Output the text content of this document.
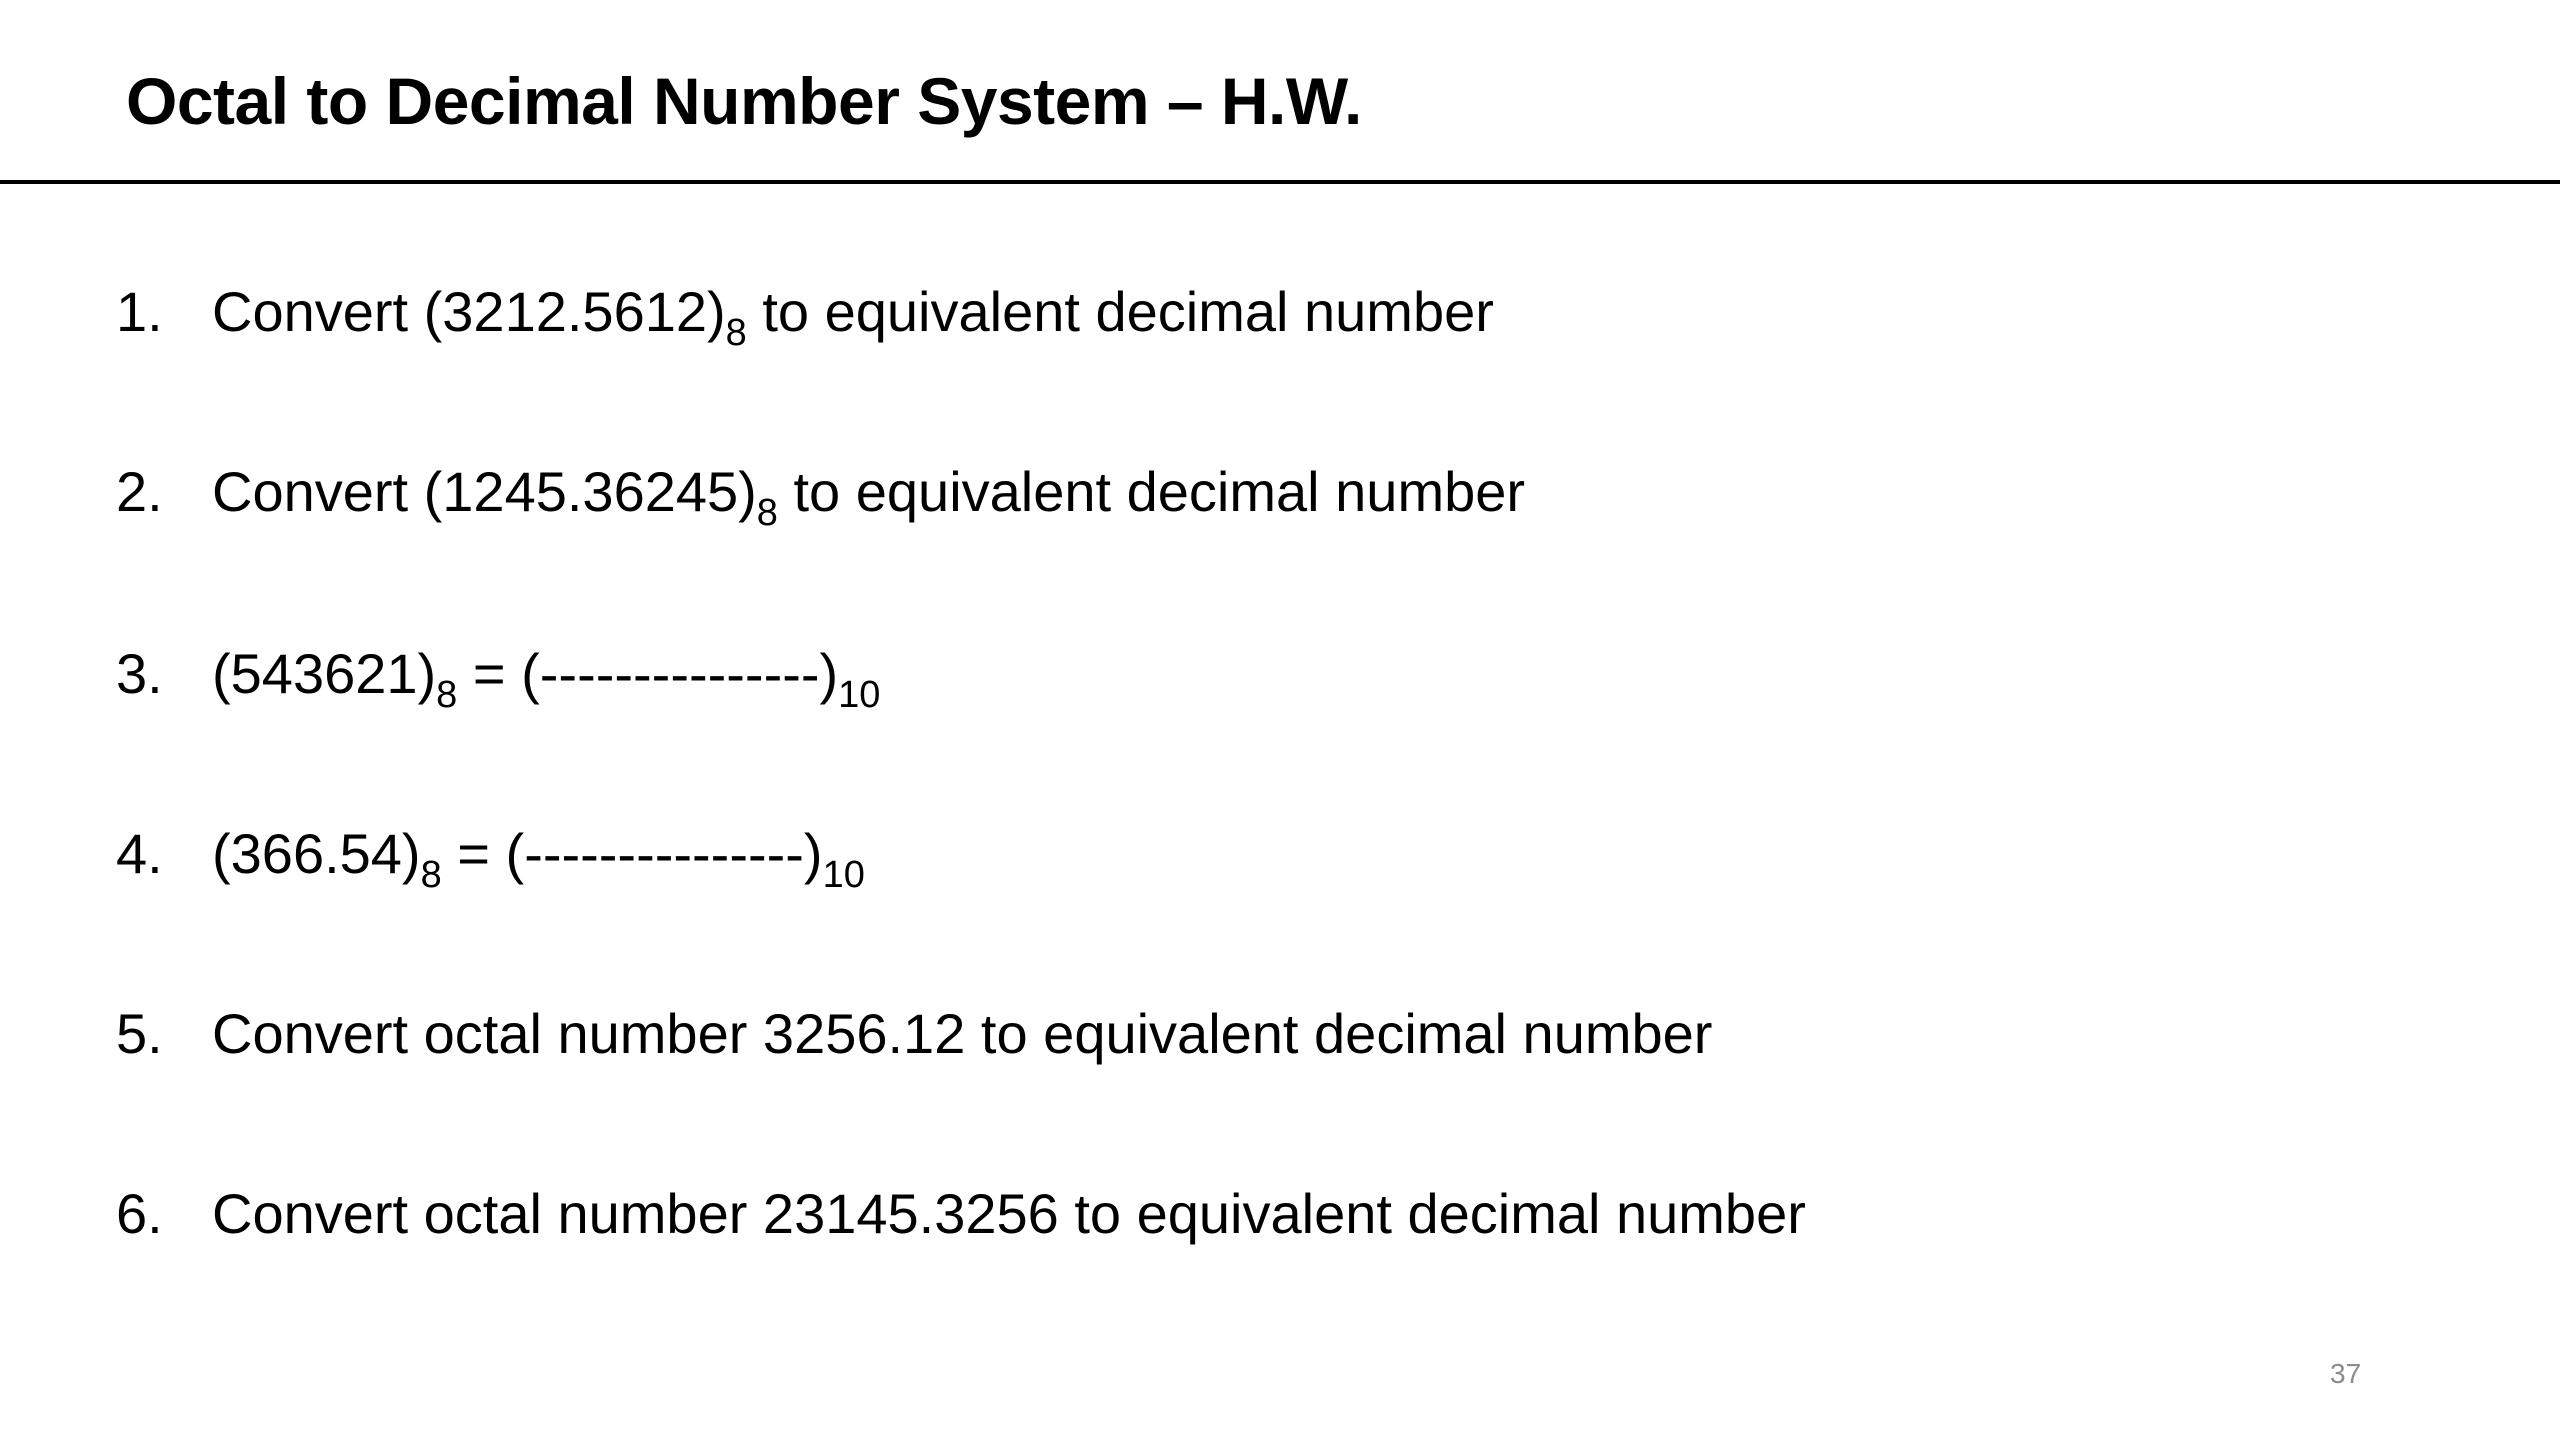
Octal to Decimal Number System – H.W.
1. Convert $(3212.5612)_8$ to equivalent decimal number
2. Convert $(1245.36245)_8$ to equivalent decimal number
3. $(543621)_8 = (---------------)_{10}$
4. $(366.54)_8 = (---------------)_{10}$
5. Convert octal number 3256.12 to equivalent decimal number
6. Convert octal number 23145.3256 to equivalent decimal number
37
